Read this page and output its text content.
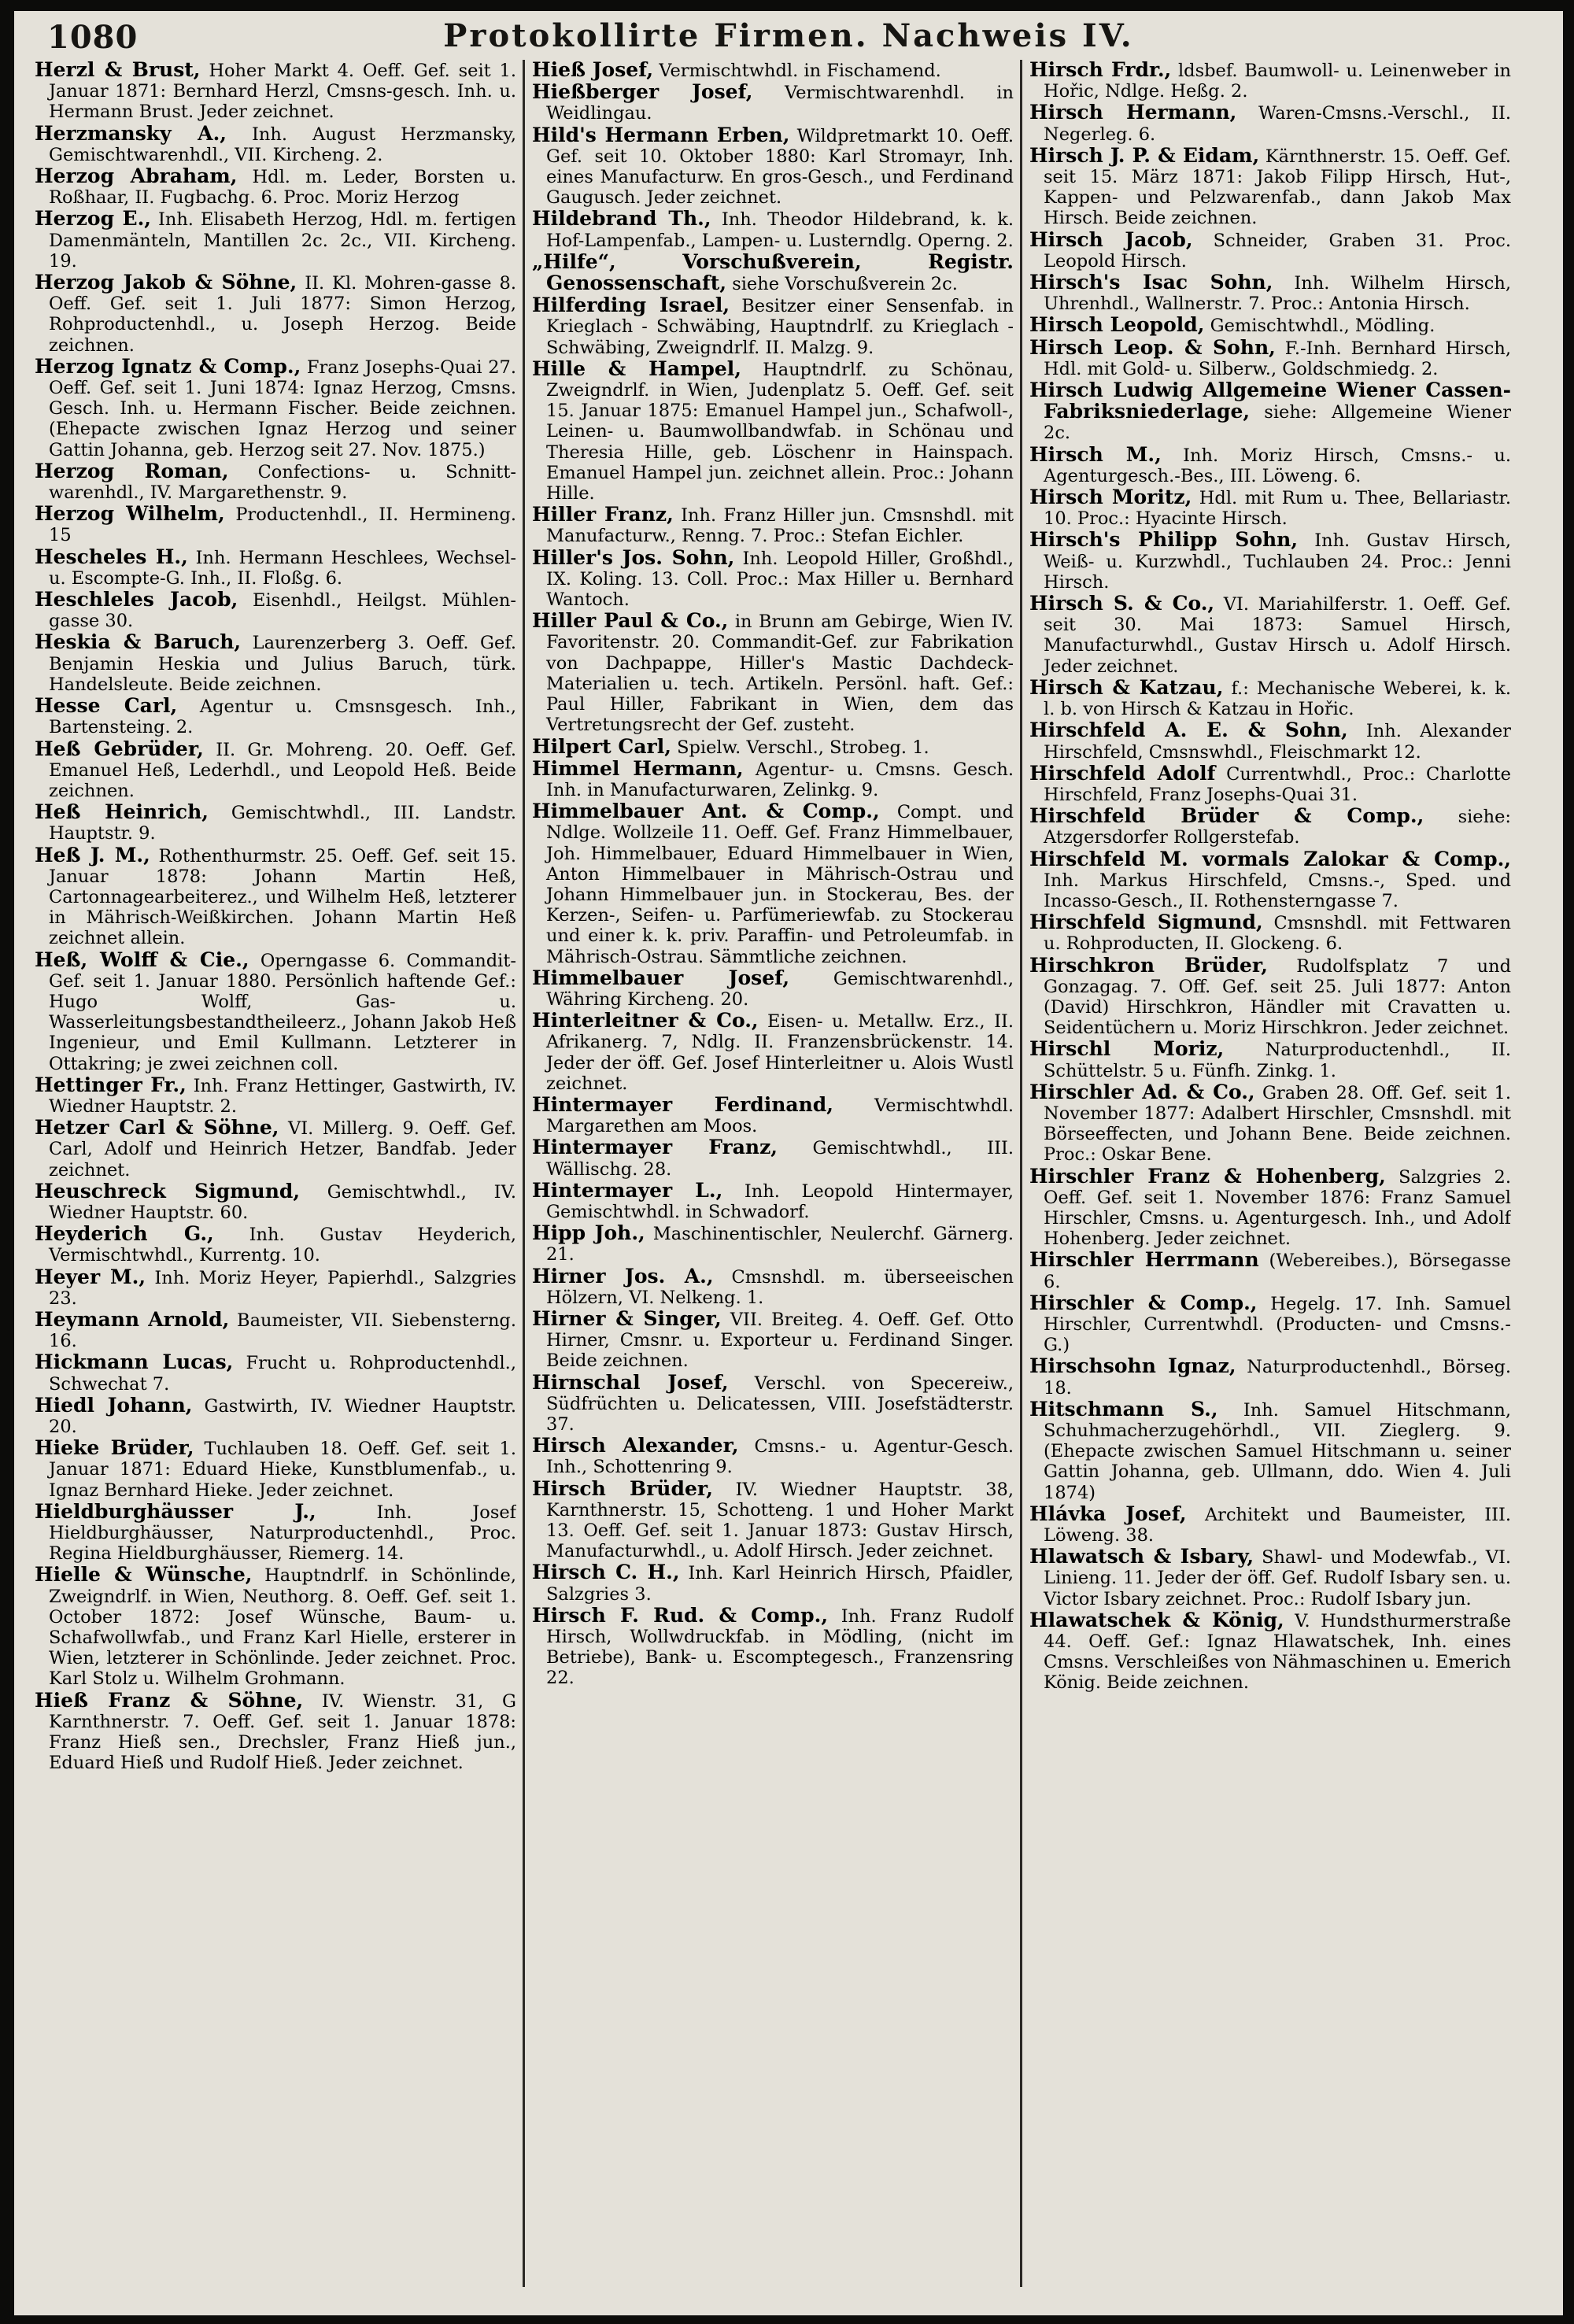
1080	Protokollirte Firmen. Nachweis IV.
Herzl & Brust, Hoher Markt 4. Oeff. Gef. seit 1. Januar 1871: Bernhard Herzl, Cmsns-gesch. Inh. u. Hermann Brust. Jeder zeichnet.
Herzmansky A., Inh. August Herzmansky, Gemischtwarenhdl., VII. Kircheng. 2.
Herzog Abraham, Hdl. m. Leder, Borsten u. Roßhaar, II. Fugbachg. 6. Proc. Moriz Herzog
Herzog E., Inh. Elisabeth Herzog, Hdl. m. fertigen Damenmänteln, Mantillen 2c. 2c., VII. Kircheng. 19.
Herzog Jakob & Söhne, II. Kl. Mohren-gasse 8. Oeff. Gef. seit 1. Juli 1877: Simon Herzog, Rohproductenhdl., u. Joseph Herzog. Beide zeichnen.
Herzog Ignatz & Comp., Franz Josephs-Quai 27. Oeff. Gef. seit 1. Juni 1874: Ignaz Herzog, Cmsns. Gesch. Inh. u. Hermann Fischer. Beide zeichnen. (Ehepacte zwischen Ignaz Herzog und seiner Gattin Johanna, geb. Herzog seit 27. Nov. 1875.)
Herzog Roman, Confections- u. Schnitt-warenhdl., IV. Margarethenstr. 9.
Herzog Wilhelm, Productenhdl., II. Hermineng. 15
Hescheles H., Inh. Hermann Heschlees, Wechsel- u. Escompte-G. Inh., II. Floßg. 6.
Heschleles Jacob, Eisenhdl., Heilgst. Mühlen-gasse 30.
Heskia & Baruch, Laurenzerberg 3. Oeff. Gef. Benjamin Heskia und Julius Baruch, türk. Handelsleute. Beide zeichnen.
Hesse Carl, Agentur u. Cmsnsgesch. Inh., Bartensteing. 2.
Heß Gebrüder, II. Gr. Mohreng. 20. Oeff. Gef. Emanuel Heß, Lederhdl., und Leopold Heß. Beide zeichnen.
Heß Heinrich, Gemischtwhdl., III. Landstr. Hauptstr. 9.
Heß J. M., Rothenthurmstr. 25. Oeff. Gef. seit 15. Januar 1878: Johann Martin Heß, Cartonnagearbeiterez., und Wilhelm Heß, letzterer in Mährisch-Weißkirchen. Johann Martin Heß zeichnet allein.
Heß, Wolff & Cie., Operngasse 6. Commandit-Gef. seit 1. Januar 1880. Persönlich haftende Gef.: Hugo Wolff, Gas- u. Wasserleitungsbestandtheileerz., Johann Jakob Heß Ingenieur, und Emil Kullmann. Letzterer in Ottakring; je zwei zeichnen coll.
Hettinger Fr., Inh. Franz Hettinger, Gastwirth, IV. Wiedner Hauptstr. 2.
Hetzer Carl & Söhne, VI. Millerg. 9. Oeff. Gef. Carl, Adolf und Heinrich Hetzer, Bandfab. Jeder zeichnet.
Heuschreck Sigmund, Gemischtwhdl., IV. Wiedner Hauptstr. 60.
Heyderich G., Inh. Gustav Heyderich, Vermischtwhdl., Kurrentg. 10.
Heyer M., Inh. Moriz Heyer, Papierhdl., Salzgries 23.
Heymann Arnold, Baumeister, VII. Siebensterng. 16.
Hickmann Lucas, Frucht u. Rohproductenhdl., Schwechat 7.
Hiedl Johann, Gastwirth, IV. Wiedner Hauptstr. 20.
Hieke Brüder, Tuchlauben 18. Oeff. Gef. seit 1. Januar 1871: Eduard Hieke, Kunstblumenfab., u. Ignaz Bernhard Hieke. Jeder zeichnet.
Hieldburghäusser J.,	Inh. Josef Hieldburghäusser, Naturproductenhdl., Proc. Regina Hieldburghäusser, Riemerg. 14.
Hielle & Wünsche, Hauptndrlf. in Schönlinde, Zweigndrlf. in Wien, Neuthorg. 8. Oeff. Gef. seit 1. October 1872: Josef Wünsche, Baum- u. Schafwollwfab., und Franz Karl Hielle, ersterer in Wien, letzterer in Schönlinde. Jeder zeichnet. Proc. Karl Stolz u. Wilhelm Grohmann.
Hieß Franz & Söhne, IV. Wienstr. 31, G Karnthnerstr. 7. Oeff. Gef. seit 1. Januar 1878: Franz Hieß sen., Drechsler, Franz Hieß jun., Eduard Hieß und Rudolf Hieß. Jeder zeichnet.
Hieß Josef, Vermischtwhdl. in Fischamend.
Hießberger Josef, Vermischtwarenhdl. in Weidlingau.
Hild's Hermann Erben, Wildpretmarkt 10. Oeff. Gef. seit 10. Oktober 1880: Karl Stromayr, Inh. eines Manufacturw. En gros-Gesch., und Ferdinand Gaugusch. Jeder zeichnet.
Hildebrand Th., Inh. Theodor Hildebrand, k. k. Hof-Lampenfab., Lampen- u. Lusterndlg. Operng. 2.
„Hilfe“, Vorschußverein, Registr. Genossenschaft, siehe Vorschußverein 2c.
Hilferding Israel, Besitzer einer Sensenfab. in Krieglach - Schwäbing, Hauptndrlf. zu Krieglach - Schwäbing, Zweigndrlf. II. Malzg. 9.
Hille & Hampel, Hauptndrlf. zu Schönau, Zweigndrlf. in Wien, Judenplatz 5. Oeff. Gef. seit 15. Januar 1875: Emanuel Hampel jun., Schafwoll-, Leinen- u. Baumwollbandwfab. in Schönau und Theresia Hille, geb. Löschenr in Hainspach. Emanuel Hampel jun. zeichnet allein. Proc.: Johann Hille.
Hiller Franz, Inh. Franz Hiller jun. Cmsnshdl. mit Manufacturw., Renng. 7. Proc.: Stefan Eichler.
Hiller's Jos. Sohn, Inh. Leopold Hiller, Großhdl., IX. Koling. 13. Coll. Proc.: Max Hiller u. Bernhard Wantoch.
Hiller Paul & Co., in Brunn am Gebirge, Wien IV. Favoritenstr. 20. Commandit-Gef. zur Fabrikation von Dachpappe, Hiller's Mastic Dachdeck-Materialien u. tech. Artikeln. Persönl. haft. Gef.: Paul Hiller, Fabrikant in Wien, dem das Vertretungsrecht der Gef. zusteht.
Hilpert Carl, Spielw. Verschl., Strobeg. 1.
Himmel Hermann, Agentur- u. Cmsns. Gesch. Inh. in Manufacturwaren, Zelinkg. 9.
Himmelbauer Ant. & Comp., Compt. und Ndlge. Wollzeile 11. Oeff. Gef. Franz Himmelbauer, Joh. Himmelbauer, Eduard Himmelbauer in Wien, Anton Himmelbauer in Mährisch-Ostrau und Johann Himmelbauer jun. in Stockerau, Bes. der Kerzen-, Seifen- u. Parfümeriewfab. zu Stockerau und einer k. k. priv. Paraffin- und Petroleumfab. in Mährisch-Ostrau. Sämmtliche zeichnen.
Himmelbauer Josef, Gemischtwarenhdl., Währing Kircheng. 20.
Hinterleitner & Co., Eisen- u. Metallw. Erz., II. Afrikanerg. 7, Ndlg. II. Franzensbrückenstr. 14. Jeder der öff. Gef. Josef Hinterleitner u. Alois Wustl zeichnet.
Hintermayer Ferdinand, Vermischtwhdl. Margarethen am Moos.
Hintermayer Franz, Gemischtwhdl., III. Wällischg. 28.
Hintermayer L., Inh. Leopold Hintermayer, Gemischtwhdl. in Schwadorf.
Hipp Joh., Maschinentischler, Neulerchf. Gärnerg. 21.
Hirner Jos. A., Cmsnshdl. m. überseeischen Hölzern, VI. Nelkeng. 1.
Hirner & Singer, VII. Breiteg. 4. Oeff. Gef. Otto Hirner, Cmsnr. u. Exporteur u. Ferdinand Singer. Beide zeichnen.
Hirnschal Josef, Verschl. von Specereiw., Südfrüchten u. Delicatessen, VIII. Josefstädterstr. 37.
Hirsch Alexander, Cmsns.- u. Agentur-Gesch. Inh., Schottenring 9.
Hirsch Brüder, IV. Wiedner Hauptstr. 38, Karnthnerstr. 15, Schotteng. 1 und Hoher Markt 13. Oeff. Gef. seit 1. Januar 1873: Gustav Hirsch, Manufacturwhdl., u. Adolf Hirsch. Jeder zeichnet.
Hirsch C. H., Inh. Karl Heinrich Hirsch, Pfaidler, Salzgries 3.
Hirsch F. Rud. & Comp., Inh. Franz Rudolf Hirsch, Wollwdruckfab. in Mödling, (nicht im Betriebe), Bank- u. Escomptegesch., Franzensring 22.
Hirsch Frdr., ldsbef. Baumwoll- u. Leinenweber in Hořic, Ndlge. Heßg. 2.
Hirsch Hermann, Waren-Cmsns.-Verschl., II. Negerleg. 6.
Hirsch J. P. & Eidam, Kärnthnerstr. 15. Oeff. Gef. seit 15. März 1871: Jakob Filipp Hirsch, Hut-, Kappen- und Pelzwarenfab., dann Jakob Max Hirsch. Beide zeichnen.
Hirsch Jacob, Schneider, Graben 31. Proc. Leopold Hirsch.
Hirsch's Isac Sohn, Inh. Wilhelm Hirsch, Uhrenhdl., Wallnerstr. 7. Proc.: Antonia Hirsch.
Hirsch Leopold, Gemischtwhdl., Mödling.
Hirsch Leop. & Sohn, F.-Inh. Bernhard Hirsch, Hdl. mit Gold- u. Silberw., Goldschmiedg. 2.
Hirsch Ludwig Allgemeine Wiener Cassen-Fabriksniederlage, siehe: Allgemeine Wiener 2c.
Hirsch M., Inh. Moriz Hirsch, Cmsns.- u. Agenturgesch.-Bes., III. Löweng. 6.
Hirsch Moritz, Hdl. mit Rum u. Thee, Bellariastr. 10. Proc.: Hyacinte Hirsch.
Hirsch's Philipp Sohn, Inh. Gustav Hirsch, Weiß- u. Kurzwhdl., Tuchlauben 24. Proc.: Jenni Hirsch.
Hirsch S. & Co., VI. Mariahilferstr. 1. Oeff. Gef. seit 30. Mai 1873: Samuel Hirsch, Manufacturwhdl., Gustav Hirsch u. Adolf Hirsch. Jeder zeichnet.
Hirsch & Katzau, f.: Mechanische Weberei, k. k. l. b. von Hirsch & Katzau in Hořic.
Hirschfeld A. E. & Sohn, Inh. Alexander Hirschfeld, Cmsnswhdl., Fleischmarkt 12.
Hirschfeld Adolf Currentwhdl., Proc.: Charlotte Hirschfeld, Franz Josephs-Quai 31.
Hirschfeld Brüder & Comp., siehe: Atzgersdorfer Rollgerstefab.
Hirschfeld M. vormals Zalokar & Comp., Inh. Markus Hirschfeld, Cmsns.-, Sped. und Incasso-Gesch., II. Rothensterngasse 7.
Hirschfeld Sigmund, Cmsnshdl. mit Fettwaren u. Rohproducten, II. Glockeng. 6.
Hirschkron Brüder, Rudolfsplatz 7 und Gonzagag. 7. Off. Gef. seit 25. Juli 1877: Anton (David) Hirschkron, Händler mit Cravatten u. Seidentüchern u. Moriz Hirschkron. Jeder zeichnet.
Hirschl Moriz, Naturproductenhdl., II. Schüttelstr. 5 u. Fünfh. Zinkg. 1.
Hirschler Ad. & Co., Graben 28. Off. Gef. seit 1. November 1877: Adalbert Hirschler, Cmsnshdl. mit Börseeffecten, und Johann Bene. Beide zeichnen. Proc.: Oskar Bene.
Hirschler Franz & Hohenberg, Salzgries 2. Oeff. Gef. seit 1. November 1876: Franz Samuel Hirschler, Cmsns. u. Agenturgesch. Inh., und Adolf Hohenberg. Jeder zeichnet.
Hirschler Herrmann (Webereibes.), Börsegasse 6.
Hirschler & Comp., Hegelg. 17. Inh. Samuel Hirschler, Currentwhdl. (Producten- und Cmsns.-G.)
Hirschsohn Ignaz, Naturproductenhdl., Börseg. 18.
Hitschmann S., Inh. Samuel Hitschmann, Schuhmacherzugehörhdl., VII. Zieglerg. 9. (Ehepacte zwischen Samuel Hitschmann u. seiner Gattin Johanna, geb. Ullmann, ddo. Wien 4. Juli 1874)
Hlávka Josef, Architekt und Baumeister, III. Löweng. 38.
Hlawatsch & Isbary, Shawl- und Modewfab., VI. Linieng. 11. Jeder der öff. Gef. Rudolf Isbary sen. u. Victor Isbary zeichnet. Proc.: Rudolf Isbary jun.
Hlawatschek & König, V. Hundsthurmerstraße 44. Oeff. Gef.: Ignaz Hlawatschek, Inh. eines Cmsns. Verschleißes von Nähmaschinen u. Emerich König. Beide zeichnen.
